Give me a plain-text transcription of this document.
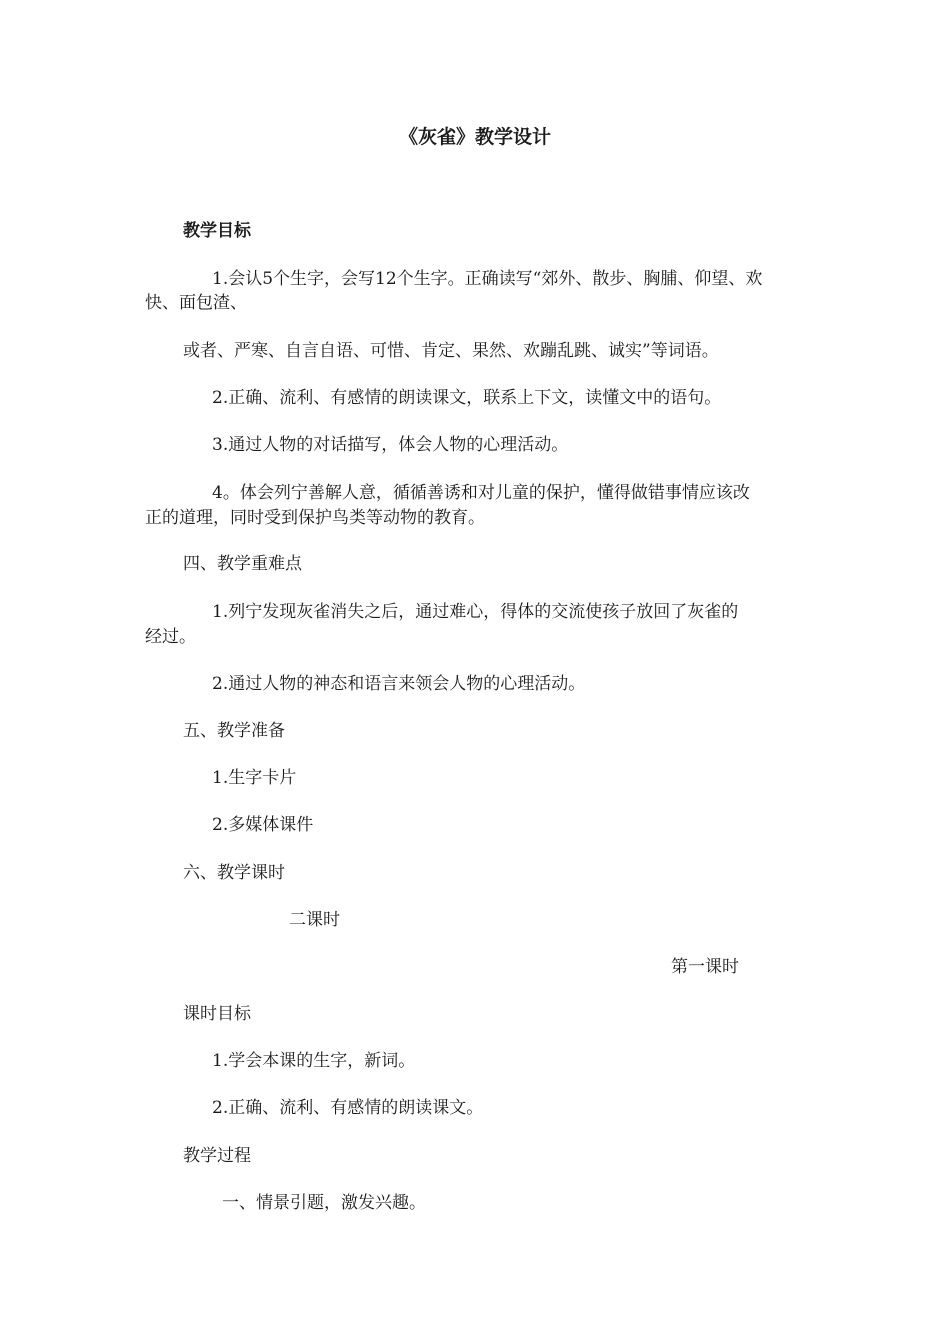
《灰雀》教学设计
教学目标
1.会认5个生字，会写12个生字。正确读写“郊外、散步、胸脯、仰望、欢
快、面包渣、
或者、严寒、自言自语、可惜、肯定、果然、欢蹦乱跳、诚实”等词语。
2.正确、流利、有感情的朗读课文，联系上下文，读懂文中的语句。
3.通过人物的对话描写，体会人物的心理活动。
4。体会列宁善解人意，循循善诱和对儿童的保护，懂得做错事情应该改
正的道理，同时受到保护鸟类等动物的教育。
四、教学重难点
1.列宁发现灰雀消失之后，通过难心，得体的交流使孩子放回了灰雀的
经过。
2.通过人物的神态和语言来领会人物的心理活动。
五、教学准备
1.生字卡片
2.多媒体课件
六、教学课时
二课时
第一课时
课时目标
1.学会本课的生字，新词。
2.正确、流利、有感情的朗读课文。
教学过程
一、情景引题，激发兴趣。
